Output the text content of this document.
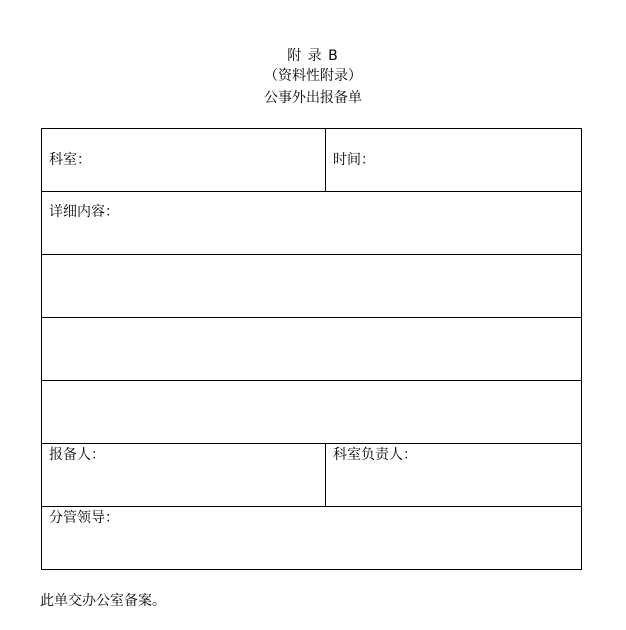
附 录 B
（资料性附录）
公事外出报备单
科室：	时间：
详细内容：	

报备人：	科室负责人：
分管领导：	
此单交办公室备案。
